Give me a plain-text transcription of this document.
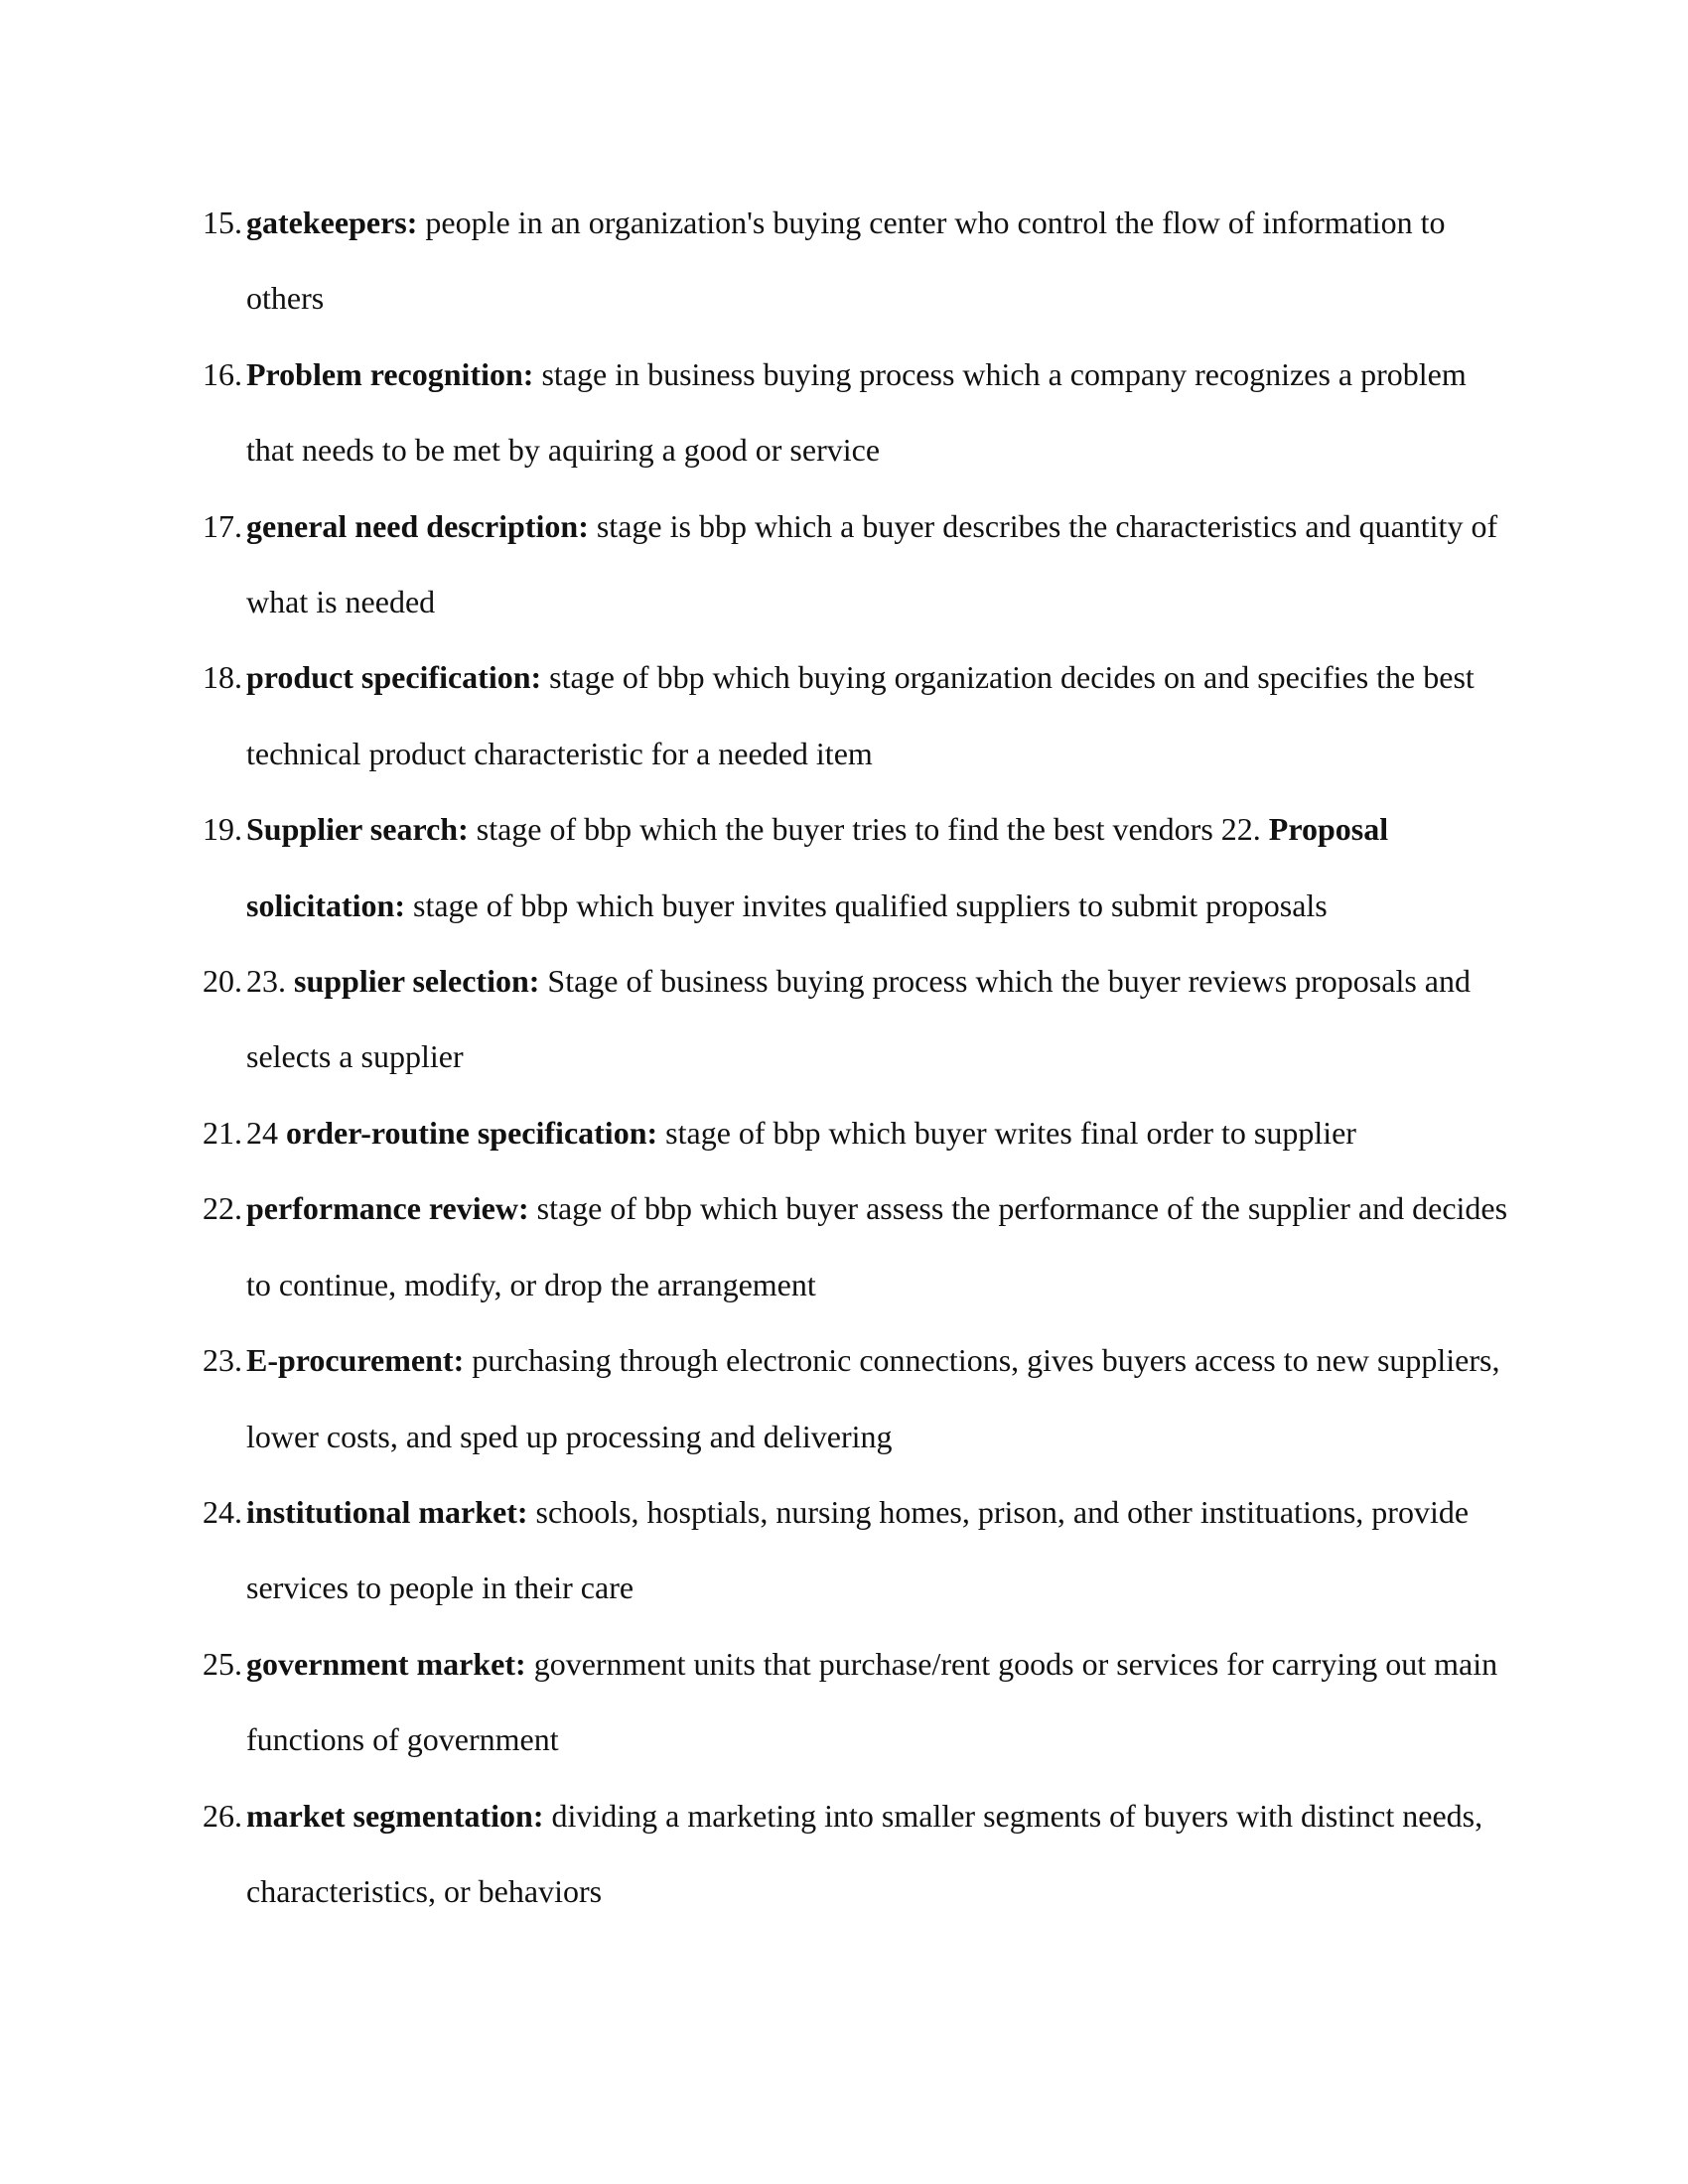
15. gatekeepers: people in an organization's buying center who control the flow of information to others
16. Problem recognition: stage in business buying process which a company recognizes a problem that needs to be met by aquiring a good or service
17. general need description: stage is bbp which a buyer describes the characteristics and quantity of what is needed
18. product specification: stage of bbp which buying organization decides on and specifies the best technical product characteristic for a needed item
19. Supplier search: stage of bbp which the buyer tries to find the best vendors 22. Proposal solicitation: stage of bbp which buyer invites qualified suppliers to submit proposals
20. 23. supplier selection: Stage of business buying process which the buyer reviews proposals and selects a supplier
21. 24 order-routine specification: stage of bbp which buyer writes final order to supplier
22. performance review: stage of bbp which buyer assess the performance of the supplier and decides to continue, modify, or drop the arrangement
23. E-procurement: purchasing through electronic connections, gives buyers access to new suppliers, lower costs, and sped up processing and delivering
24. institutional market: schools, hosptials, nursing homes, prison, and other instituations, provide services to people in their care
25. government market: government units that purchase/rent goods or services for carrying out main functions of government
26. market segmentation: dividing a marketing into smaller segments of buyers with distinct needs, characteristics, or behaviors
